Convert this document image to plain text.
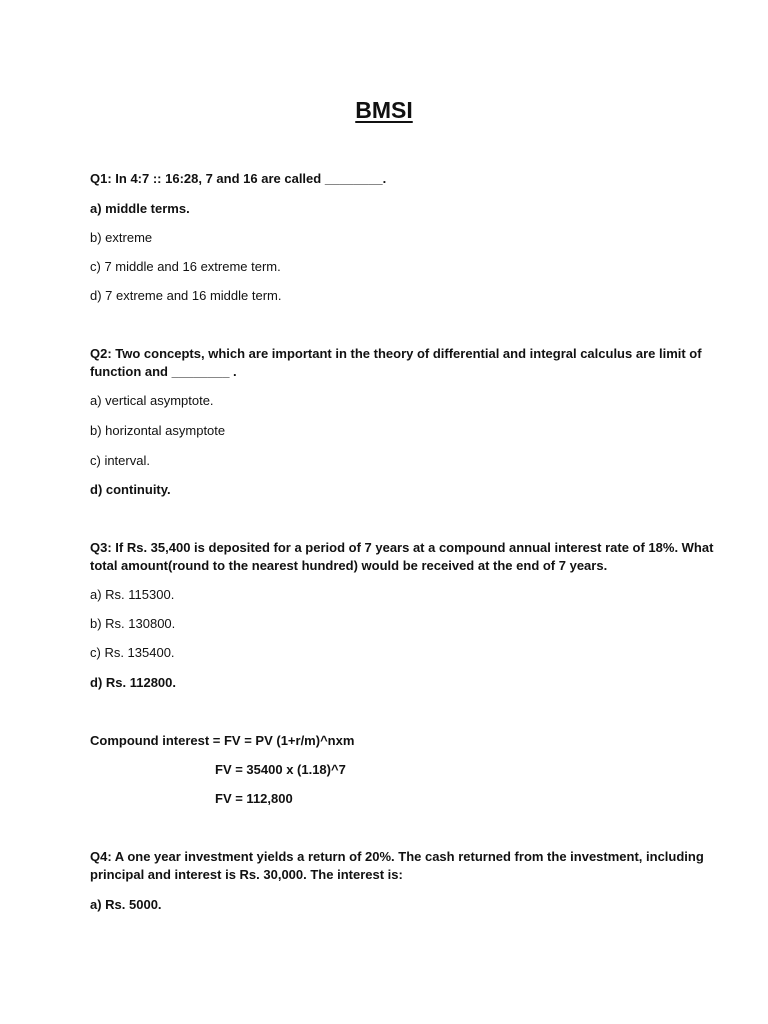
BMSI
Q1: In 4:7 :: 16:28, 7 and 16 are called ________.
a) middle terms.
b) extreme
c) 7 middle and 16 extreme term.
d) 7 extreme and 16 middle term.
Q2: Two concepts, which are important in the theory of differential and integral calculus are limit of
function and ________ .
a) vertical asymptote.
b) horizontal asymptote
c) interval.
d) continuity.
Q3: If Rs. 35,400 is deposited for a period of 7 years at a compound annual interest rate of 18%. What
total amount(round to the nearest hundred) would be received at the end of 7 years.
a) Rs. 115300.
b) Rs. 130800.
c) Rs. 135400.
d) Rs. 112800.
Compound interest = FV = PV (1+r/m)^nxm
FV = 35400 x (1.18)^7
FV = 112,800
Q4: A one year investment yields a return of 20%. The cash returned from the investment, including
principal and interest is Rs. 30,000. The interest is:
a) Rs. 5000.
